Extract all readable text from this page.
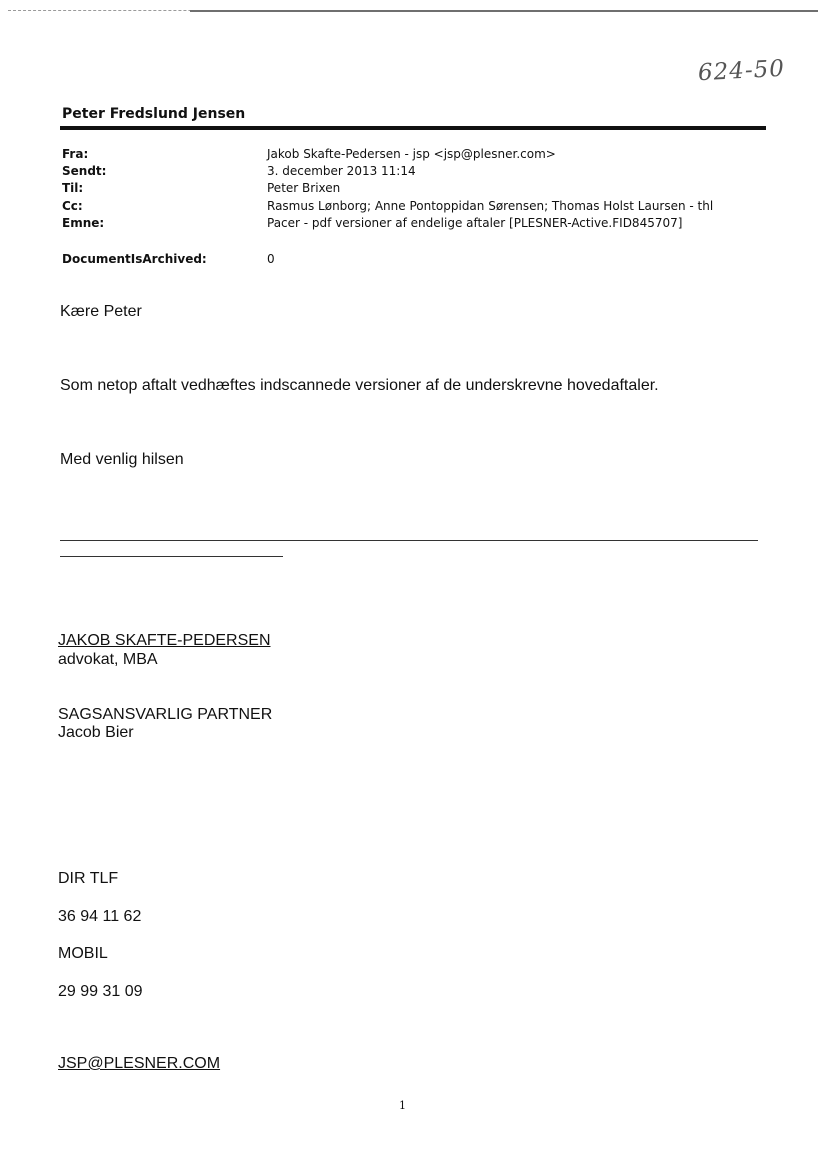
624-50
Peter Fredslund Jensen
Fra:	Jakob Skafte-Pedersen - jsp <jsp@plesner.com>
Sendt:	3. december 2013 11:14
Til:	Peter Brixen
Cc:	Rasmus Lønborg; Anne Pontoppidan Sørensen; Thomas Holst Laursen - thl
Emne:	Pacer - pdf versioner af endelige aftaler [PLESNER-Active.FID845707]
DocumentIsArchived:	0
Kære Peter
Som netop aftalt vedhæftes indscannede versioner af de underskrevne hovedaftaler.
Med venlig hilsen
JAKOB SKAFTE-PEDERSEN
advokat, MBA
SAGSANSVARLIG PARTNER
Jacob Bier
DIR TLF
36 94 11 62
MOBIL
29 99 31 09
JSP@PLESNER.COM
1
